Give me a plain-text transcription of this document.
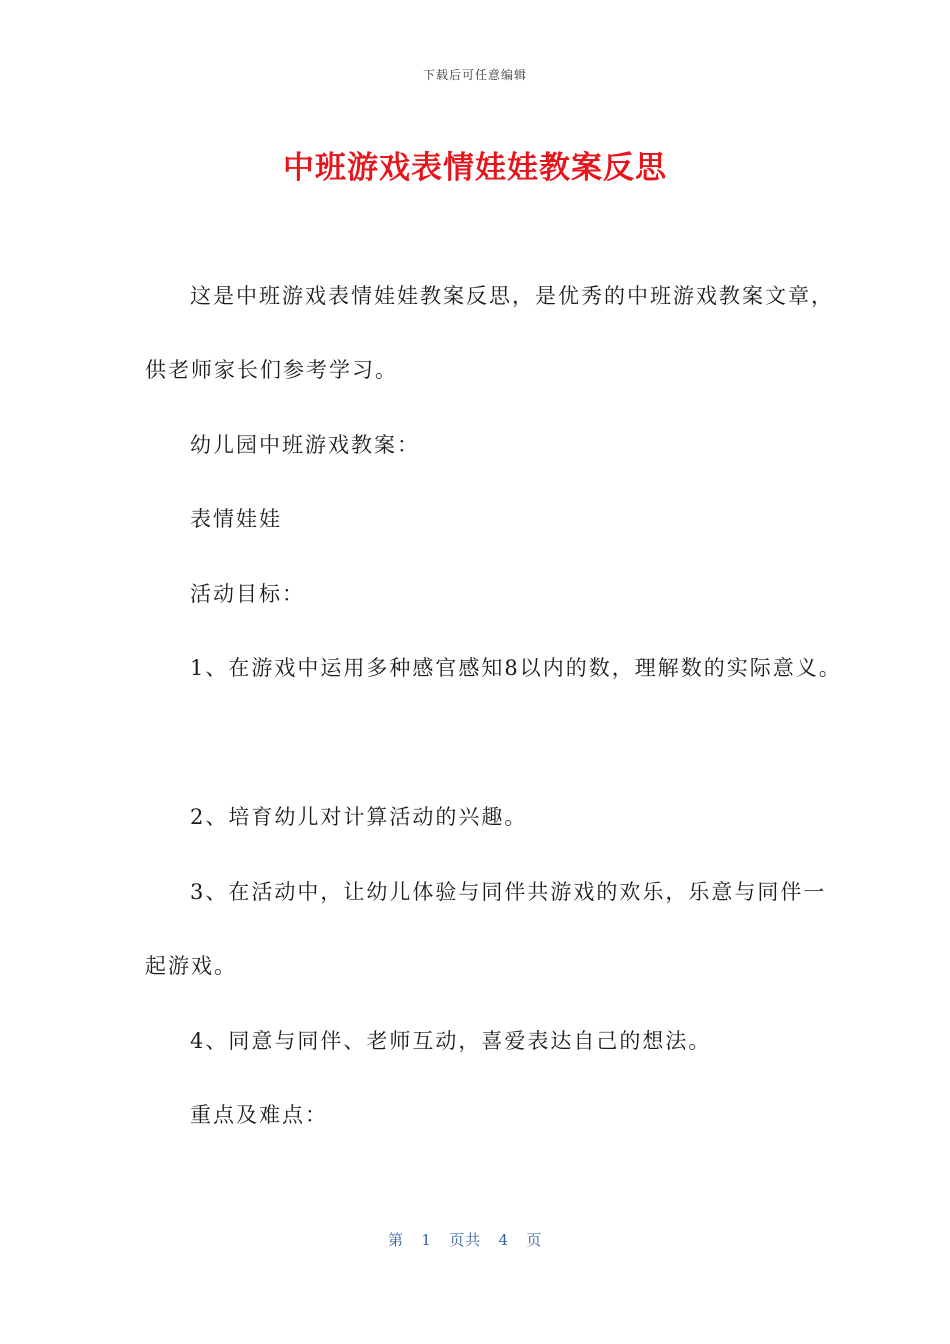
下载后可任意编辑
中班游戏表情娃娃教案反思
这是中班游戏表情娃娃教案反思，是优秀的中班游戏教案文章，
供老师家长们参考学习。
幼儿园中班游戏教案：
表情娃娃
活动目标：
1、在游戏中运用多种感官感知8以内的数，理解数的实际意义。
2、培育幼儿对计算活动的兴趣。
3、在活动中，让幼儿体验与同伴共游戏的欢乐，乐意与同伴一
起游戏。
4、同意与同伴、老师互动，喜爱表达自己的想法。
重点及难点：
第 1 页共 4 页
